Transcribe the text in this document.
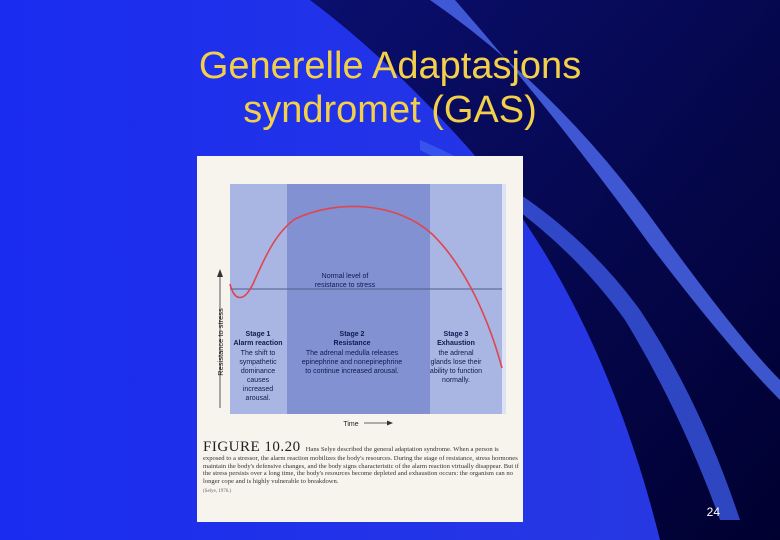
Generelle Adaptasjons
syndromet (GAS)
Resistance to stress
Normal level of
resistance to stress
Stage 1
Alarm reaction
The shift to
sympathetic
dominance
causes
increased
arousal.
Stage 2
Resistance
The adrenal medulla releases
epinephrine and nonepinephrine
to continue increased arousal.
Stage 3
Exhaustion
the adrenal
glands lose their
ability to function
normally.
Time
FIGURE 10.20 Hans Selye described the general adaptation syndrome. When a person is exposed to a stressor, the alarm reaction mobilizes the body's resources. During the stage of resistance, stress hormones maintain the body's defensive changes, and the body signs characteristic of the alarm reaction virtually disappear. But if the stress persists over a long time, the body's resources become depleted and exhaustion occurs: the organism can no longer cope and is highly vulnerable to breakdown.
(Selye, 1976.)
24
